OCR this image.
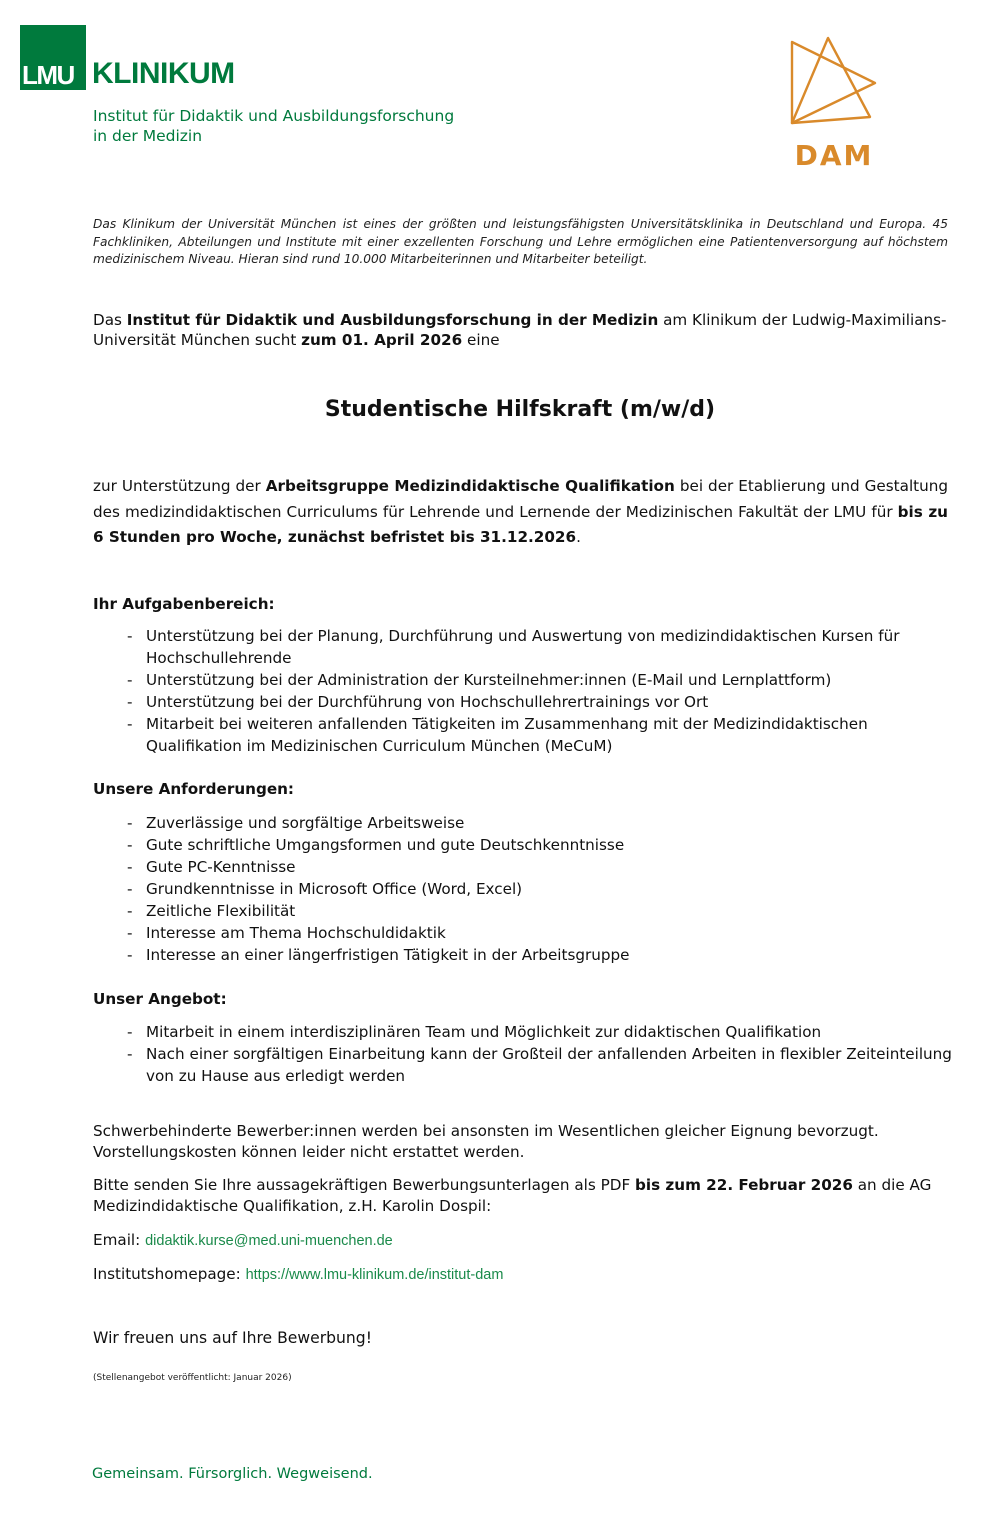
LMU KLINIKUM
Institut für Didaktik und Ausbildungsforschung
in der Medizin
DAM
Das Klinikum der Universität München ist eines der größten und leistungsfähigsten Universitätsklinika in Deutschland und Europa. 45 Fachkliniken, Abteilungen und Institute mit einer exzellenten Forschung und Lehre ermöglichen eine Patientenversorgung auf höchstem medizinischem Niveau. Hieran sind rund 10.000 Mitarbeiterinnen und Mitarbeiter beteiligt.
Das Institut für Didaktik und Ausbildungsforschung in der Medizin am Klinikum der Ludwig-Maximilians-Universität München sucht zum 01. April 2026 eine
Studentische Hilfskraft (m/w/d)
zur Unterstützung der Arbeitsgruppe Medizindidaktische Qualifikation bei der Etablierung und Gestaltung des medizindidaktischen Curriculums für Lehrende und Lernende der Medizinischen Fakultät der LMU für bis zu 6 Stunden pro Woche, zunächst befristet bis 31.12.2026.
Ihr Aufgabenbereich:
- Unterstützung bei der Planung, Durchführung und Auswertung von medizindidaktischen Kursen für Hochschullehrende
- Unterstützung bei der Administration der Kursteilnehmer:innen (E-Mail und Lernplattform)
- Unterstützung bei der Durchführung von Hochschullehrertrainings vor Ort
- Mitarbeit bei weiteren anfallenden Tätigkeiten im Zusammenhang mit der Medizindidaktischen Qualifikation im Medizinischen Curriculum München (MeCuM)
Unsere Anforderungen:
- Zuverlässige und sorgfältige Arbeitsweise
- Gute schriftliche Umgangsformen und gute Deutschkenntnisse
- Gute PC-Kenntnisse
- Grundkenntnisse in Microsoft Office (Word, Excel)
- Zeitliche Flexibilität
- Interesse am Thema Hochschuldidaktik
- Interesse an einer längerfristigen Tätigkeit in der Arbeitsgruppe
Unser Angebot:
- Mitarbeit in einem interdisziplinären Team und Möglichkeit zur didaktischen Qualifikation
- Nach einer sorgfältigen Einarbeitung kann der Großteil der anfallenden Arbeiten in flexibler Zeiteinteilung von zu Hause aus erledigt werden
Schwerbehinderte Bewerber:innen werden bei ansonsten im Wesentlichen gleicher Eignung bevorzugt. Vorstellungskosten können leider nicht erstattet werden.
Bitte senden Sie Ihre aussagekräftigen Bewerbungsunterlagen als PDF bis zum 22. Februar 2026 an die AG Medizindidaktische Qualifikation, z.H. Karolin Dospil:
Email: didaktik.kurse@med.uni-muenchen.de
Institutshomepage: https://www.lmu-klinikum.de/institut-dam
Wir freuen uns auf Ihre Bewerbung!
(Stellenangebot veröffentlicht: Januar 2026)
Gemeinsam. Fürsorglich. Wegweisend.
